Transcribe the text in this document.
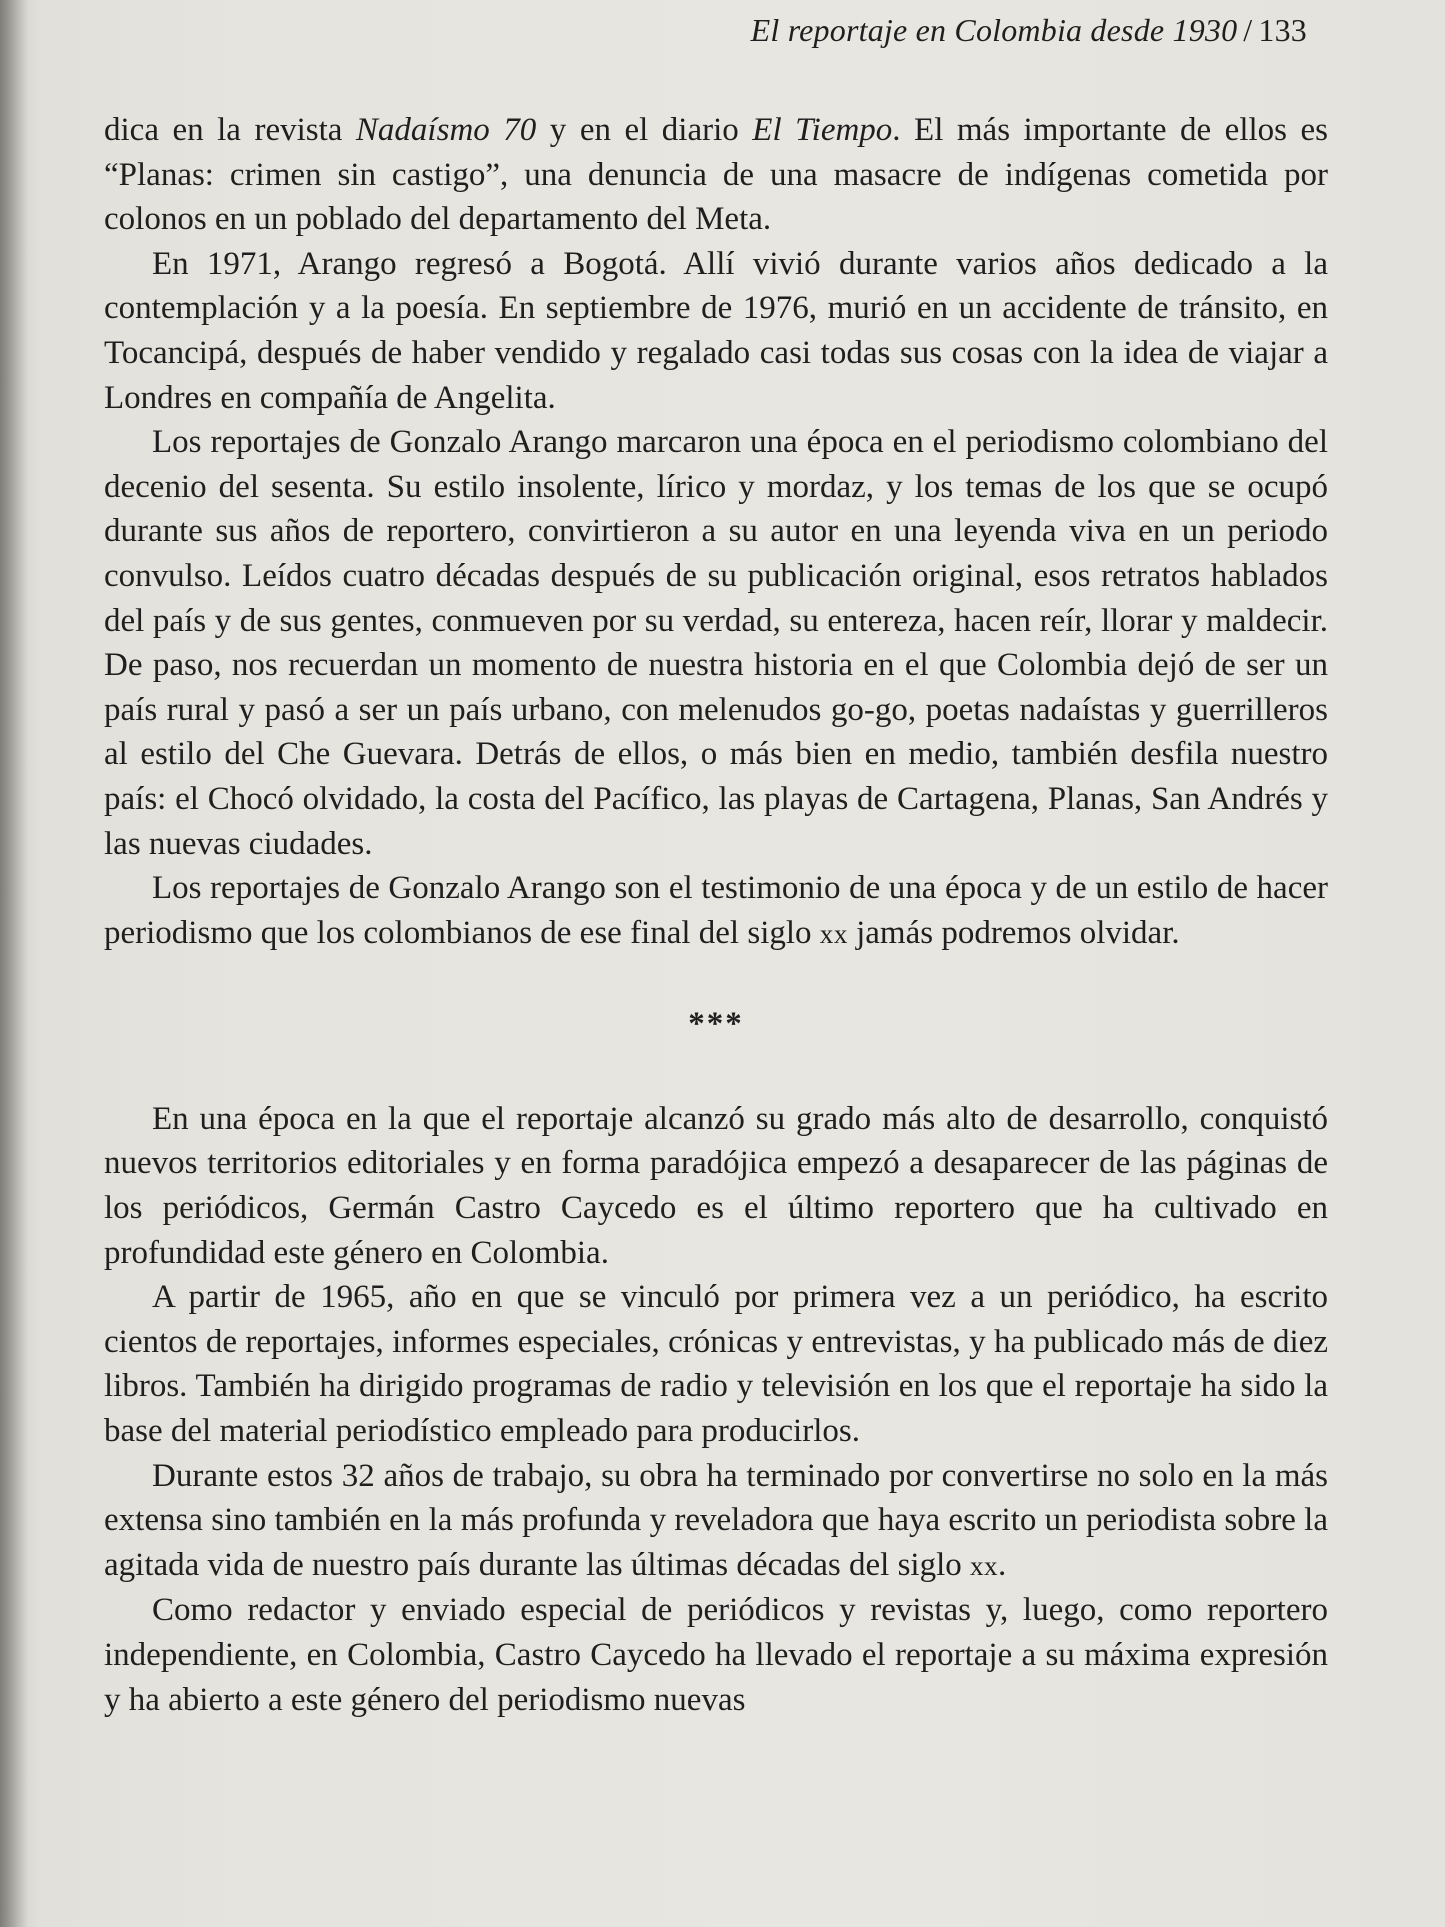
El reportaje en Colombia desde 1930 / 133

dica en la revista Nadaísmo 70 y en el diario El Tiempo. El más importante de ellos es “Planas: crimen sin castigo”, una denuncia de una masacre de indígenas cometida por colonos en un poblado del departamento del Meta.

En 1971, Arango regresó a Bogotá. Allí vivió durante varios años dedicado a la contemplación y a la poesía. En septiembre de 1976, murió en un accidente de tránsito, en Tocancipá, después de haber vendido y regalado casi todas sus cosas con la idea de viajar a Londres en compañía de Angelita.

Los reportajes de Gonzalo Arango marcaron una época en el periodismo colombiano del decenio del sesenta. Su estilo insolente, lírico y mordaz, y los temas de los que se ocupó durante sus años de reportero, convirtieron a su autor en una leyenda viva en un periodo convulso. Leídos cuatro décadas después de su publicación original, esos retratos hablados del país y de sus gentes, conmueven por su verdad, su entereza, hacen reír, llorar y maldecir. De paso, nos recuerdan un momento de nuestra historia en el que Colombia dejó de ser un país rural y pasó a ser un país urbano, con melenudos go-go, poetas nadaístas y guerrilleros al estilo del Che Guevara. Detrás de ellos, o más bien en medio, también desfila nuestro país: el Chocó olvidado, la costa del Pacífico, las playas de Cartagena, Planas, San Andrés y las nuevas ciudades.

Los reportajes de Gonzalo Arango son el testimonio de una época y de un estilo de hacer periodismo que los colombianos de ese final del siglo xx jamás podremos olvidar.

***

En una época en la que el reportaje alcanzó su grado más alto de desarrollo, conquistó nuevos territorios editoriales y en forma paradójica empezó a desaparecer de las páginas de los periódicos, Germán Castro Caycedo es el último reportero que ha cultivado en profundidad este género en Colombia.

A partir de 1965, año en que se vinculó por primera vez a un periódico, ha escrito cientos de reportajes, informes especiales, crónicas y entrevistas, y ha publicado más de diez libros. También ha dirigido programas de radio y televisión en los que el reportaje ha sido la base del material periodístico empleado para producirlos.

Durante estos 32 años de trabajo, su obra ha terminado por convertirse no solo en la más extensa sino también en la más profunda y reveladora que haya escrito un periodista sobre la agitada vida de nuestro país durante las últimas décadas del siglo xx.

Como redactor y enviado especial de periódicos y revistas y, luego, como reportero independiente, en Colombia, Castro Caycedo ha llevado el reportaje a su máxima expresión y ha abierto a este género del periodismo nuevas
